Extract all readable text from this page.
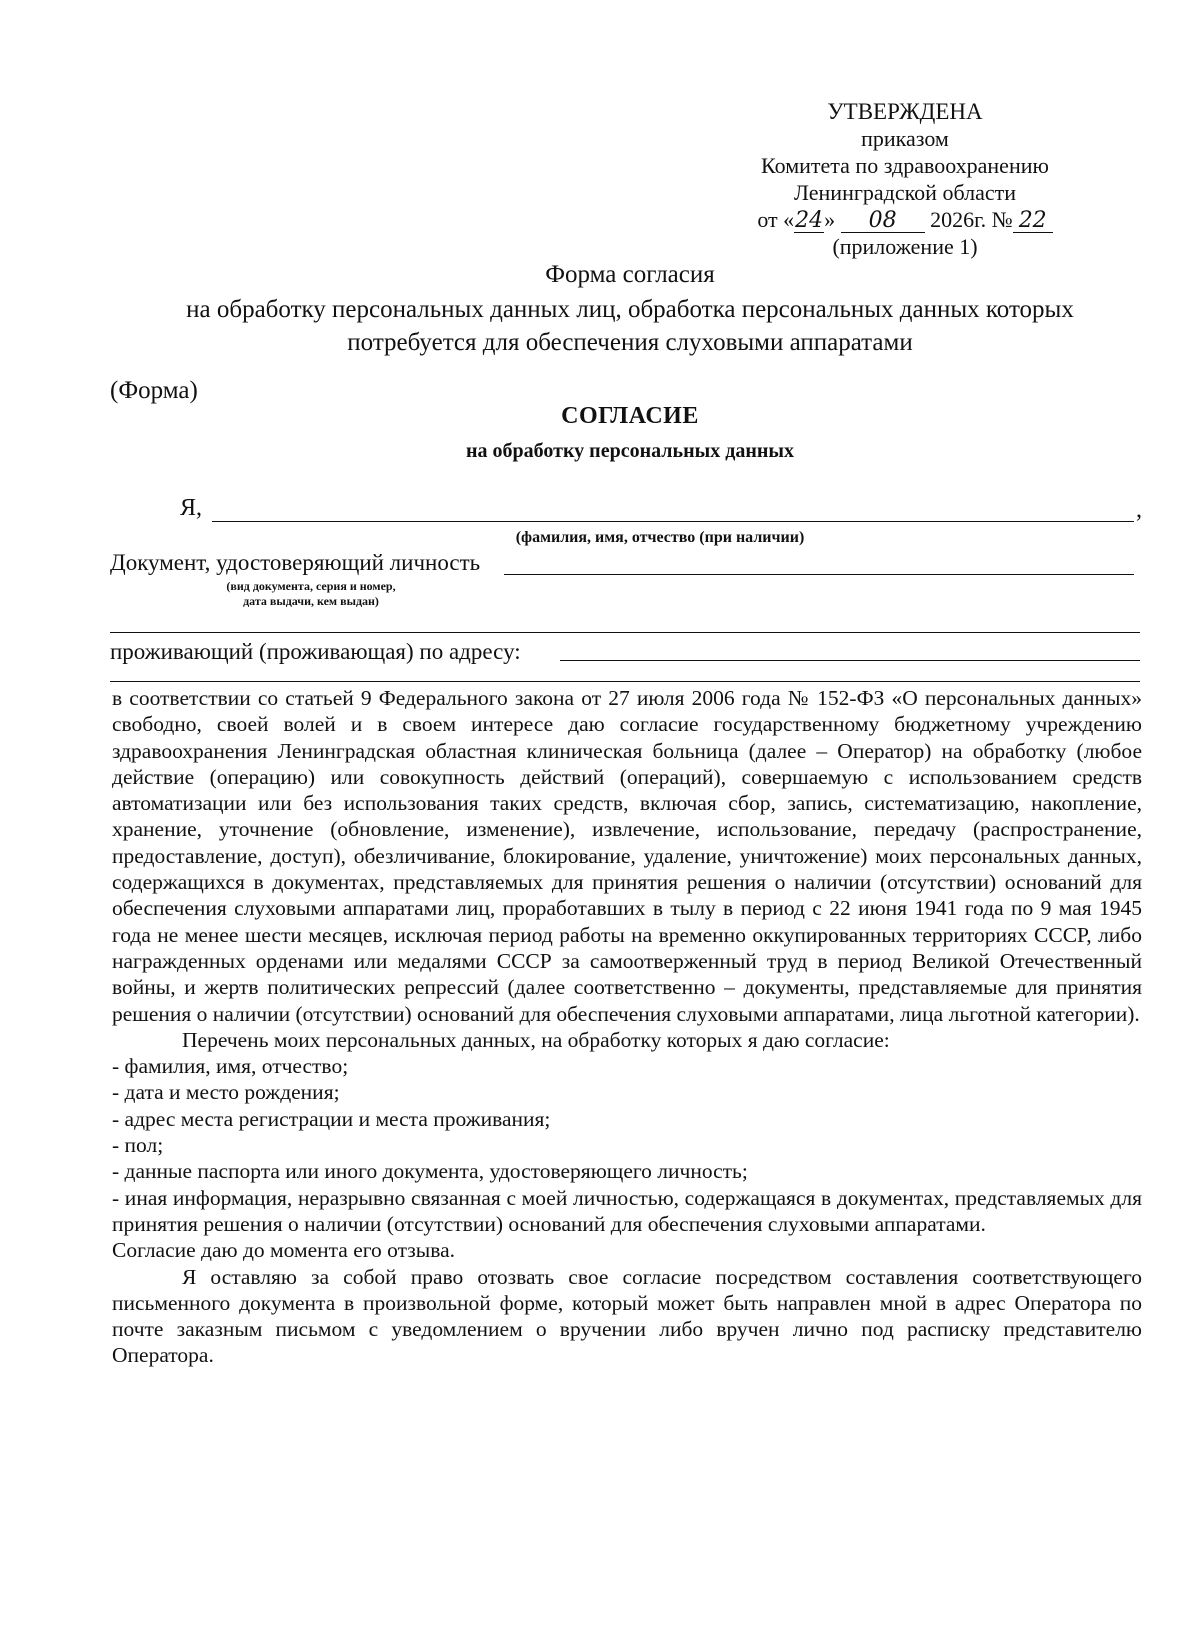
УТВЕРЖДЕНА
приказом
Комитета по здравоохранению
Ленинградской области
от «24» 08 2026г. № 22
(приложение 1)
Форма согласия
на обработку персональных данных лиц, обработка персональных данных которых
потребуется для обеспечения слуховыми аппаратами
(Форма)
СОГЛАСИЕ
на обработку персональных данных
Я,	,
(фамилия, имя, отчество (при наличии)
Документ, удостоверяющий личность
(вид документа, серия и номер,
дата выдачи, кем выдан)
проживающий (проживающая) по адресу:

в соответствии со статьей 9 Федерального закона от 27 июля 2006 года № 152-ФЗ «О персональных данных» свободно, своей волей и в своем интересе даю согласие государственному бюджетному учреждению здравоохранения Ленинградская областная клиническая больница (далее – Оператор) на обработку (любое действие (операцию) или совокупность действий (операций), совершаемую с использованием средств автоматизации или без использования таких средств, включая сбор, запись, систематизацию, накопление, хранение, уточнение (обновление, изменение), извлечение, использование, передачу (распространение, предоставление, доступ), обезличивание, блокирование, удаление, уничтожение) моих персональных данных, содержащихся в документах, представляемых для принятия решения о наличии (отсутствии) оснований для обеспечения слуховыми аппаратами лиц, проработавших в тылу в период с 22 июня 1941 года по 9 мая 1945 года не менее шести месяцев, исключая период работы на временно оккупированных территориях СССР, либо награжденных орденами или медалями СССР за самоотверженный труд в период Великой Отечественный войны, и жертв политических репрессий (далее соответственно – документы, представляемые для принятия решения о наличии (отсутствии) оснований для обеспечения слуховыми аппаратами, лица льготной категории).

Перечень моих персональных данных, на обработку которых я даю согласие:

- фамилия, имя, отчество;

- дата и место рождения;

- адрес места регистрации и места проживания;

- пол;

- данные паспорта или иного документа, удостоверяющего личность;

- иная информация, неразрывно связанная с моей личностью, содержащаяся в документах, представляемых для принятия решения о наличии (отсутствии) оснований для обеспечения слуховыми аппаратами.

Согласие даю до момента его отзыва.

Я оставляю за собой право отозвать свое согласие посредством составления соответствующего письменного документа в произвольной форме, который может быть направлен мной в адрес Оператора по почте заказным письмом с уведомлением о вручении либо вручен лично под расписку представителю Оператора.
